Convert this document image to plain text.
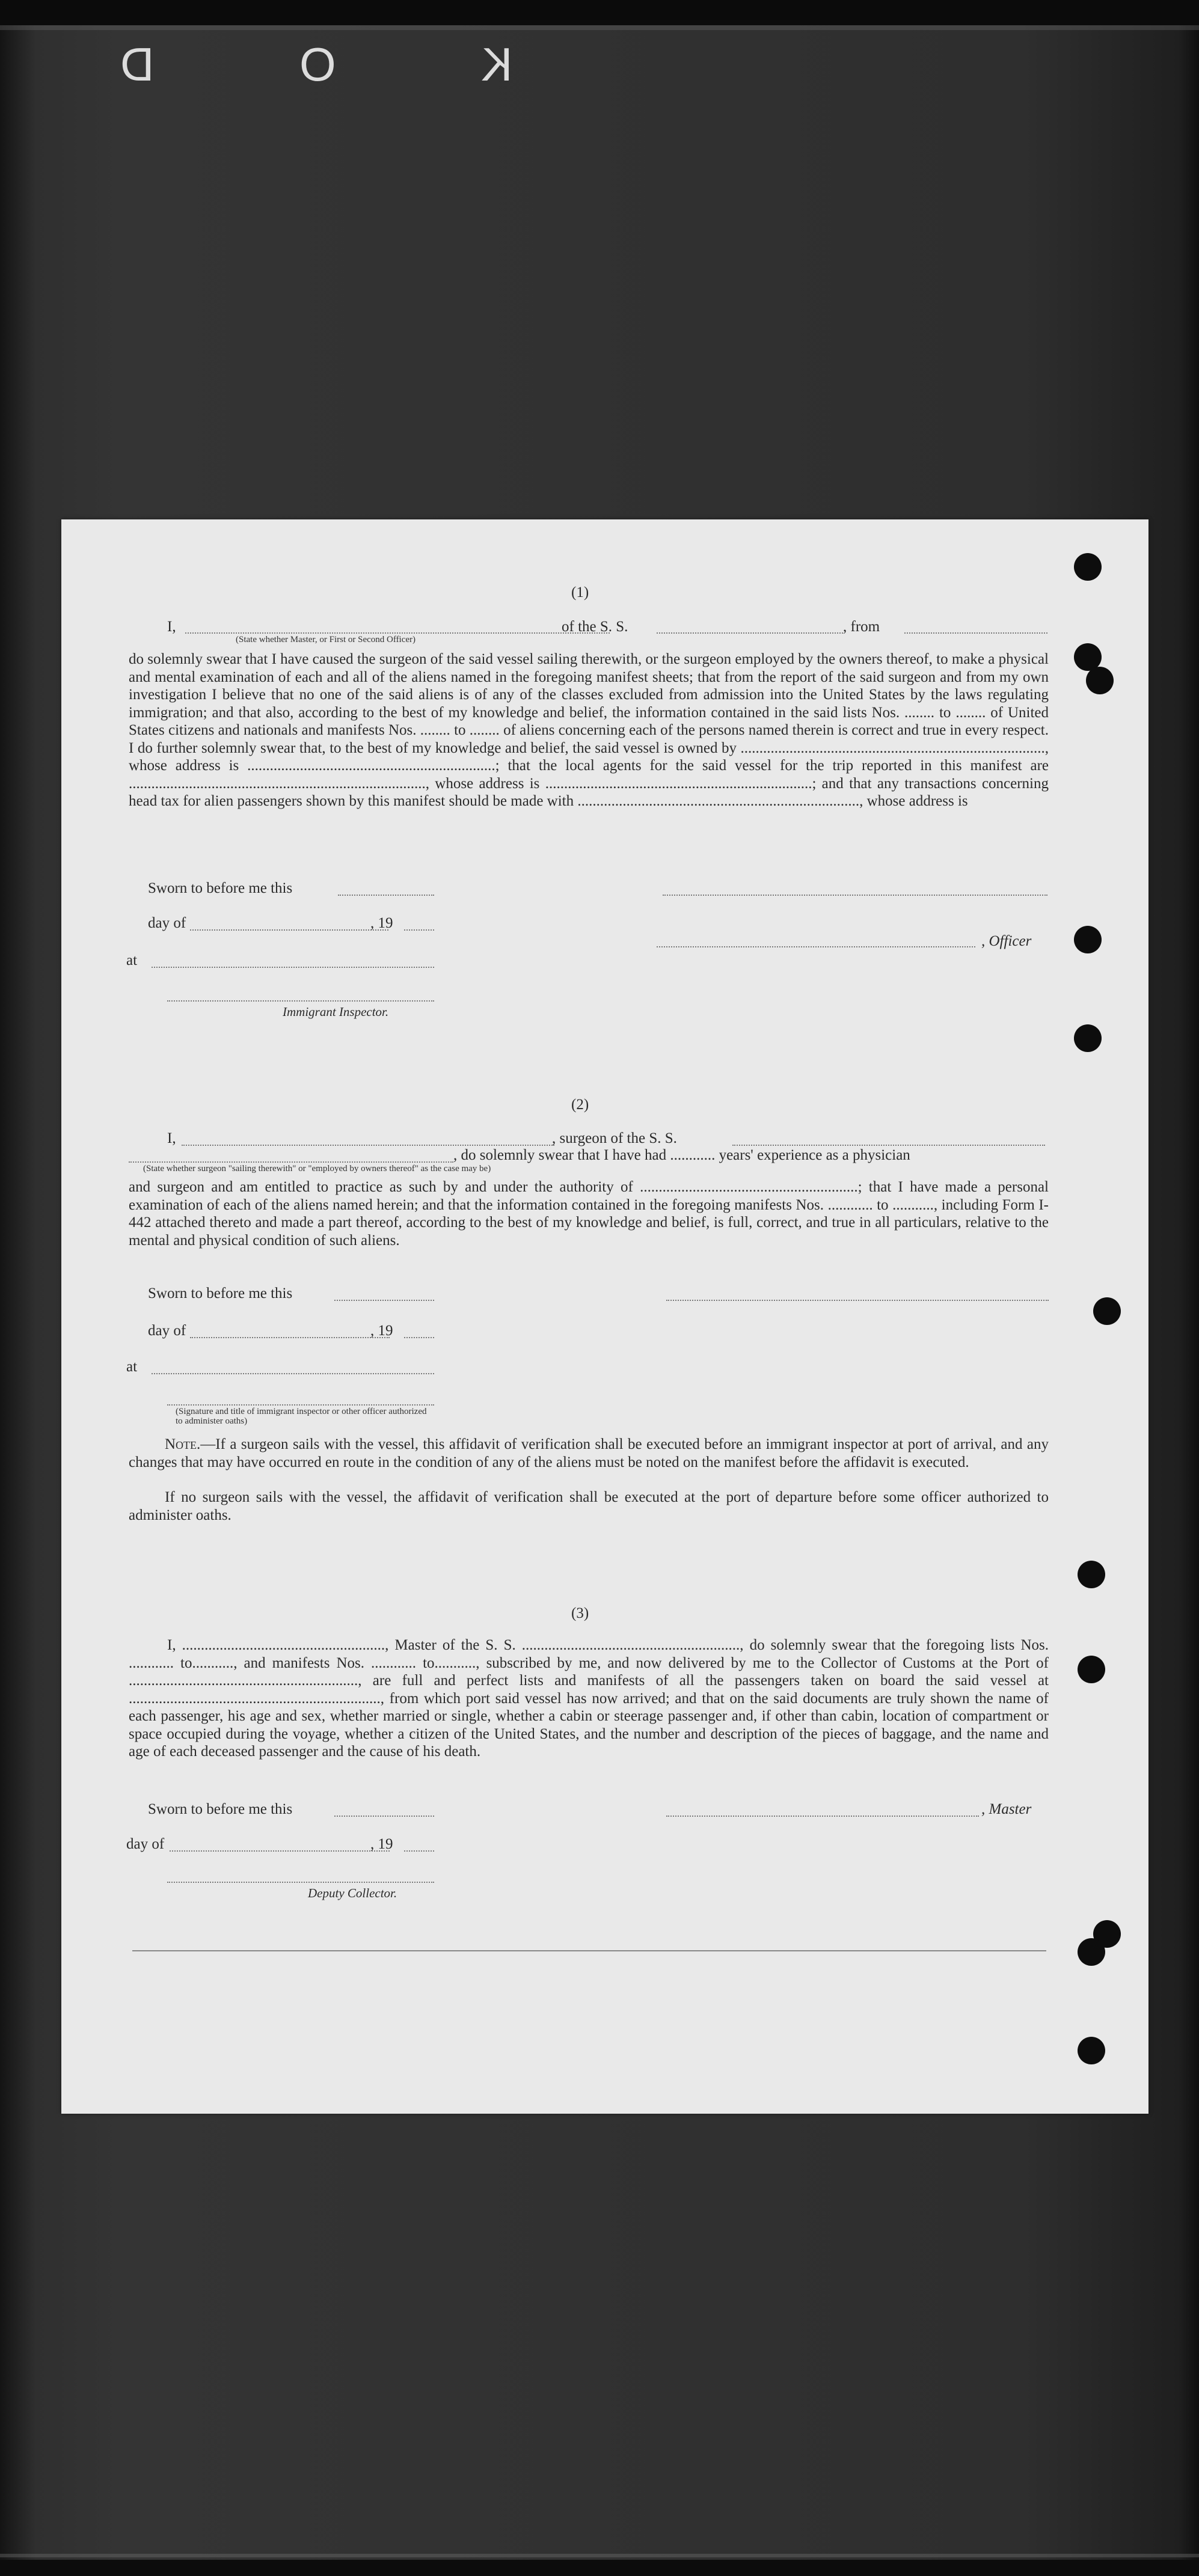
K O D
(1)
I,	of the S. S.	, from
(State whether Master, or First or Second Officer)
do solemnly swear that I have caused the surgeon of the said vessel sailing therewith, or the surgeon employed by the owners thereof, to make a physical and mental examination of each and all of the aliens named in the foregoing manifest sheets; that from the report of the said surgeon and from my own investigation I believe that no one of the said aliens is of any of the classes excluded from admission into the United States by the laws regulating immigration; and that also, according to the best of my knowledge and belief, the information contained in the said lists Nos. ........ to ........ of United States citizens and nationals and manifests Nos. ........ to ........ of aliens concerning each of the persons named therein is correct and true in every respect. I do further solemnly swear that, to the best of my knowledge and belief, the said vessel is owned by ................................................................................., whose address is ..................................................................; that the local agents for the said vessel for the trip reported in this manifest are ..............................................................................., whose address is .......................................................................; and that any transactions concerning head tax for alien passengers shown by this manifest should be made with ..........................................................................., whose address is
Sworn to before me this
day of	, 19
, Officer
at
Immigrant Inspector.
(2)
I,	, surgeon of the S. S.
, do solemnly swear that I have had ............ years' experience as a physician
(State whether surgeon "sailing therewith" or "employed by owners thereof" as the case may be)
and surgeon and am entitled to practice as such by and under the authority of ..........................................................; that I have made a personal examination of each of the aliens named herein; and that the information contained in the foregoing manifests Nos. ............ to ..........., including Form I-442 attached thereto and made a part thereof, according to the best of my knowledge and belief, is full, correct, and true in all particulars, relative to the mental and physical condition of such aliens.
Sworn to before me this
day of	, 19
at
(Signature and title of immigrant inspector or other officer authorized to administer oaths)
Note.—If a surgeon sails with the vessel, this affidavit of verification shall be executed before an immigrant inspector at port of arrival, and any changes that may have occurred en route in the condition of any of the aliens must be noted on the manifest before the affidavit is executed.
If no surgeon sails with the vessel, the affidavit of verification shall be executed at the port of departure before some officer authorized to administer oaths.
(3)
I, ......................................................, Master of the S. S. .........................................................., do solemnly swear that the foregoing lists Nos. ............ to..........., and manifests Nos. ............ to..........., subscribed by me, and now delivered by me to the Collector of Customs at the Port of ............................................................., are full and perfect lists and manifests of all the passengers taken on board the said vessel at ..................................................................., from which port said vessel has now arrived; and that on the said documents are truly shown the name of each passenger, his age and sex, whether married or single, whether a cabin or steerage passenger and, if other than cabin, location of compartment or space occupied during the voyage, whether a citizen of the United States, and the number and description of the pieces of baggage, and the name and age of each deceased passenger and the cause of his death.
Sworn to before me this	, Master
day of	, 19
Deputy Collector.
